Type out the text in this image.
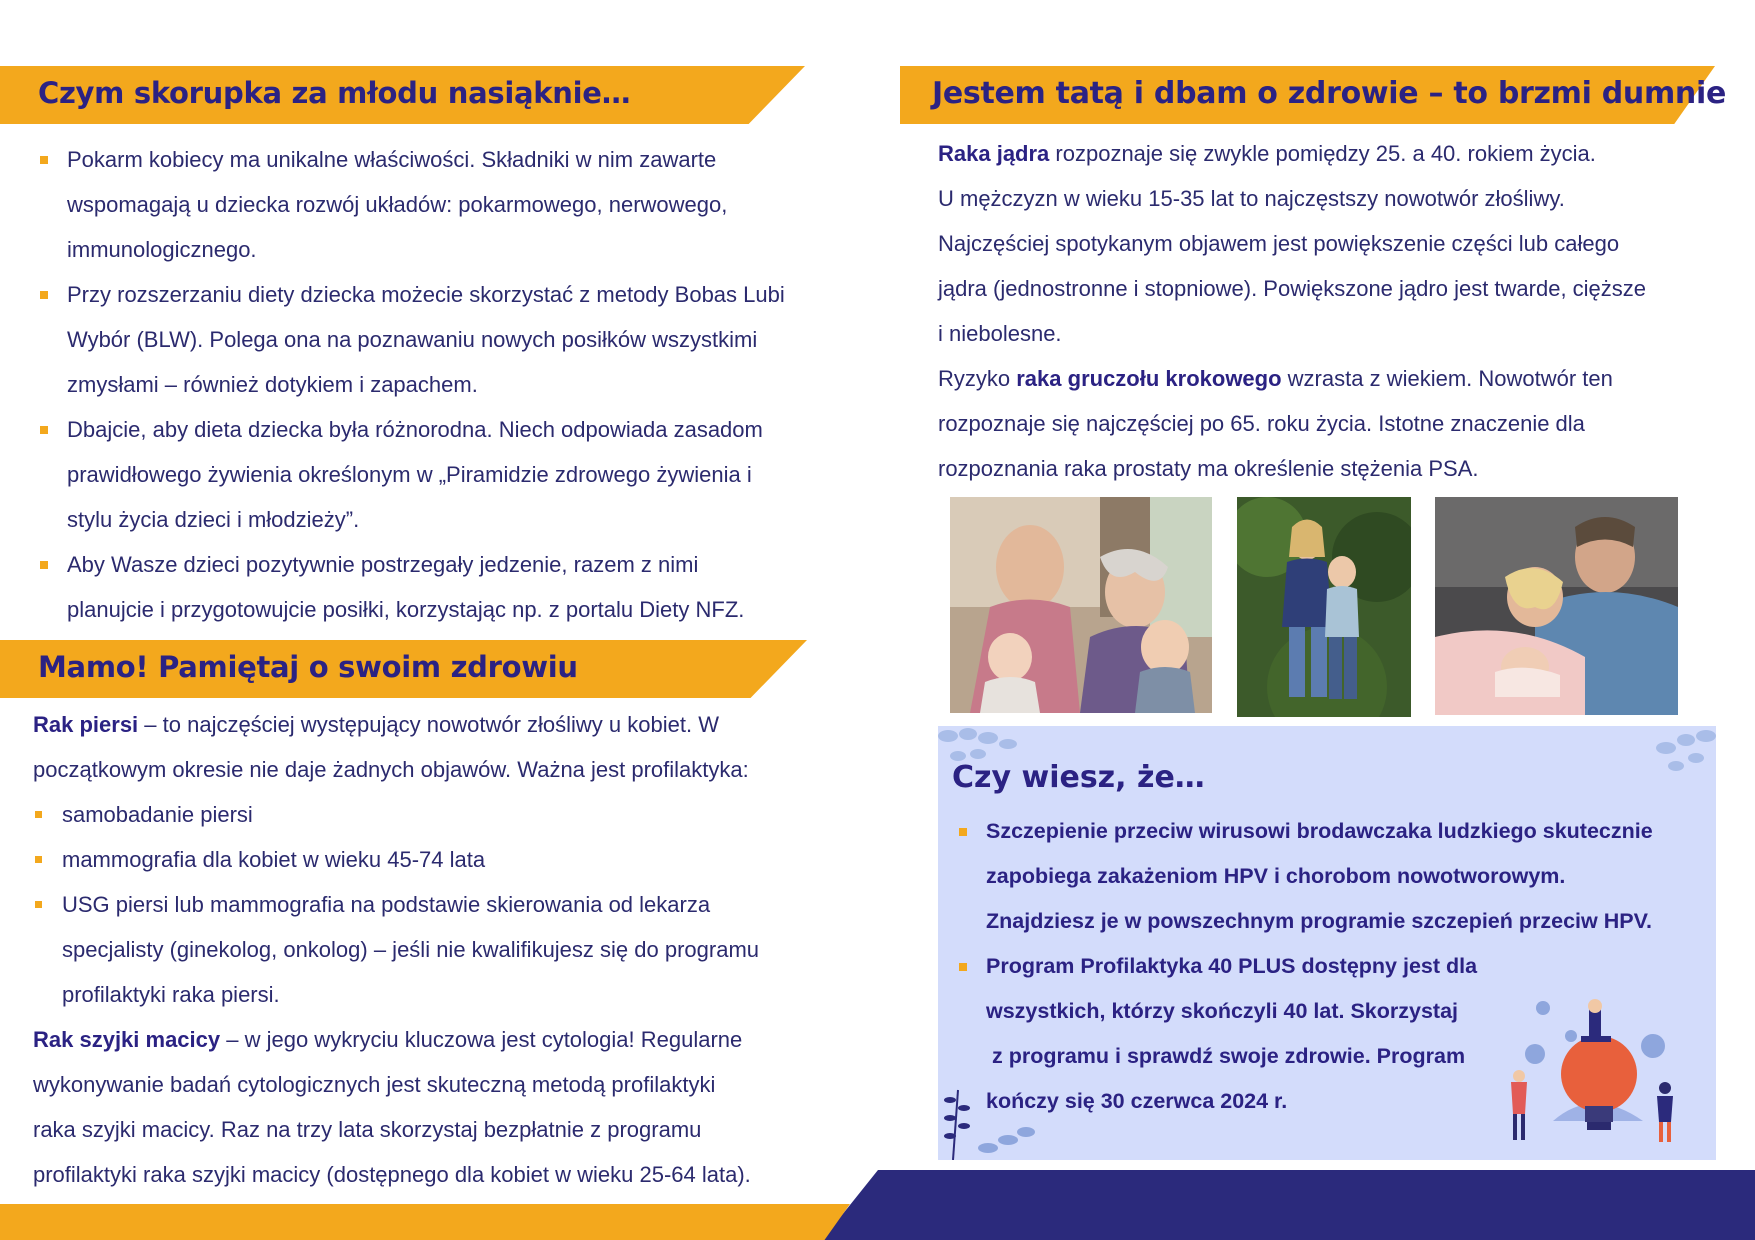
Czym skorupka za młodu nasiąknie…
Pokarm kobiecy ma unikalne właściwości. Składniki w nim zawarte
wspomagają u dziecka rozwój układów: pokarmowego, nerwowego,
immunologicznego.
Przy rozszerzaniu diety dziecka możecie skorzystać z metody Bobas Lubi
Wybór (BLW). Polega ona na poznawaniu nowych posiłków wszystkimi
zmysłami – również dotykiem i zapachem.
Dbajcie, aby dieta dziecka była różnorodna. Niech odpowiada zasadom
prawidłowego żywienia określonym w „Piramidzie zdrowego żywienia i
stylu życia dzieci i młodzieży”.
Aby Wasze dzieci pozytywnie postrzegały jedzenie, razem z nimi
planujcie i przygotowujcie posiłki, korzystając np. z portalu Diety NFZ.
Mamo! Pamiętaj o swoim zdrowiu
Rak piersi – to najczęściej występujący nowotwór złośliwy u kobiet. W
początkowym okresie nie daje żadnych objawów. Ważna jest profilaktyka:
samobadanie piersi
mammografia dla kobiet w wieku 45-74 lata
USG piersi lub mammografia na podstawie skierowania od lekarza
specjalisty (ginekolog, onkolog) – jeśli nie kwalifikujesz się do programu
profilaktyki raka piersi.
Rak szyjki macicy – w jego wykryciu kluczowa jest cytologia! Regularne
wykonywanie badań cytologicznych jest skuteczną metodą profilaktyki
raka szyjki macicy. Raz na trzy lata skorzystaj bezpłatnie z programu
profilaktyki raka szyjki macicy (dostępnego dla kobiet w wieku 25-64 lata).
Jestem tatą i dbam o zdrowie – to brzmi dumnie
Raka jądra rozpoznaje się zwykle pomiędzy 25. a 40. rokiem życia.
U mężczyzn w wieku 15-35 lat to najczęstszy nowotwór złośliwy.
Najczęściej spotykanym objawem jest powiększenie części lub całego
jądra (jednostronne i stopniowe). Powiększone jądro jest twarde, cięższe
i niebolesne.
Ryzyko raka gruczołu krokowego wzrasta z wiekiem. Nowotwór ten
rozpoznaje się najczęściej po 65. roku życia. Istotne znaczenie dla
rozpoznania raka prostaty ma określenie stężenia PSA.
Czy wiesz, że…
Szczepienie przeciw wirusowi brodawczaka ludzkiego skutecznie
zapobiega zakażeniom HPV i chorobom nowotworowym.
Znajdziesz je w powszechnym programie szczepień przeciw HPV.
Program Profilaktyka 40 PLUS dostępny jest dla
wszystkich, którzy skończyli 40 lat. Skorzystaj
z programu i sprawdź swoje zdrowie. Program
kończy się 30 czerwca 2024 r.
